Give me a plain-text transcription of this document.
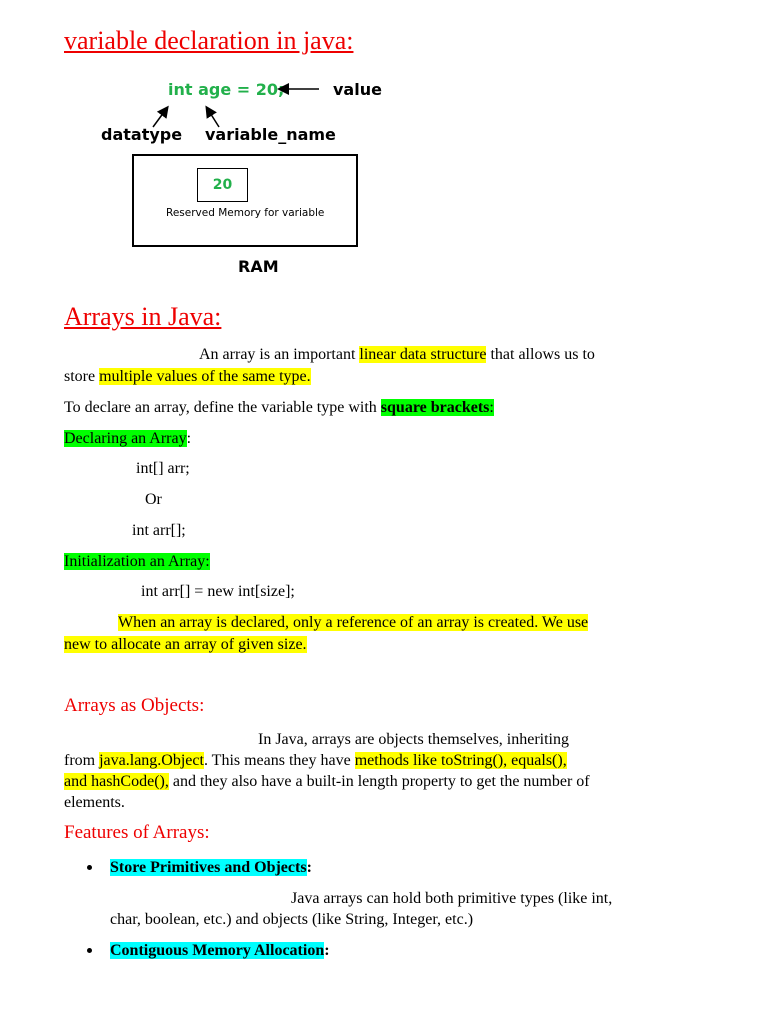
variable declaration in java:
int age = 20;	value
datatype variable_name
20
Reserved Memory for variable
RAM
Arrays in Java:
An array is an important linear data structure that allows us to
store multiple values of the same type.
To declare an array, define the variable type with square brackets:
Declaring an Array:
int[] arr;
Or
int arr[];
Initialization an Array:
int arr[] = new int[size];
When an array is declared, only a reference of an array is created. We use
new to allocate an array of given size.
Arrays as Objects:
In Java, arrays are objects themselves, inheriting
from java.lang.Object. This means they have methods like toString(), equals(),
and hashCode(), and they also have a built-in length property to get the number of
elements.
Features of Arrays:
Store Primitives and Objects:
Java arrays can hold both primitive types (like int,
char, boolean, etc.) and objects (like String, Integer, etc.)
Contiguous Memory Allocation:
